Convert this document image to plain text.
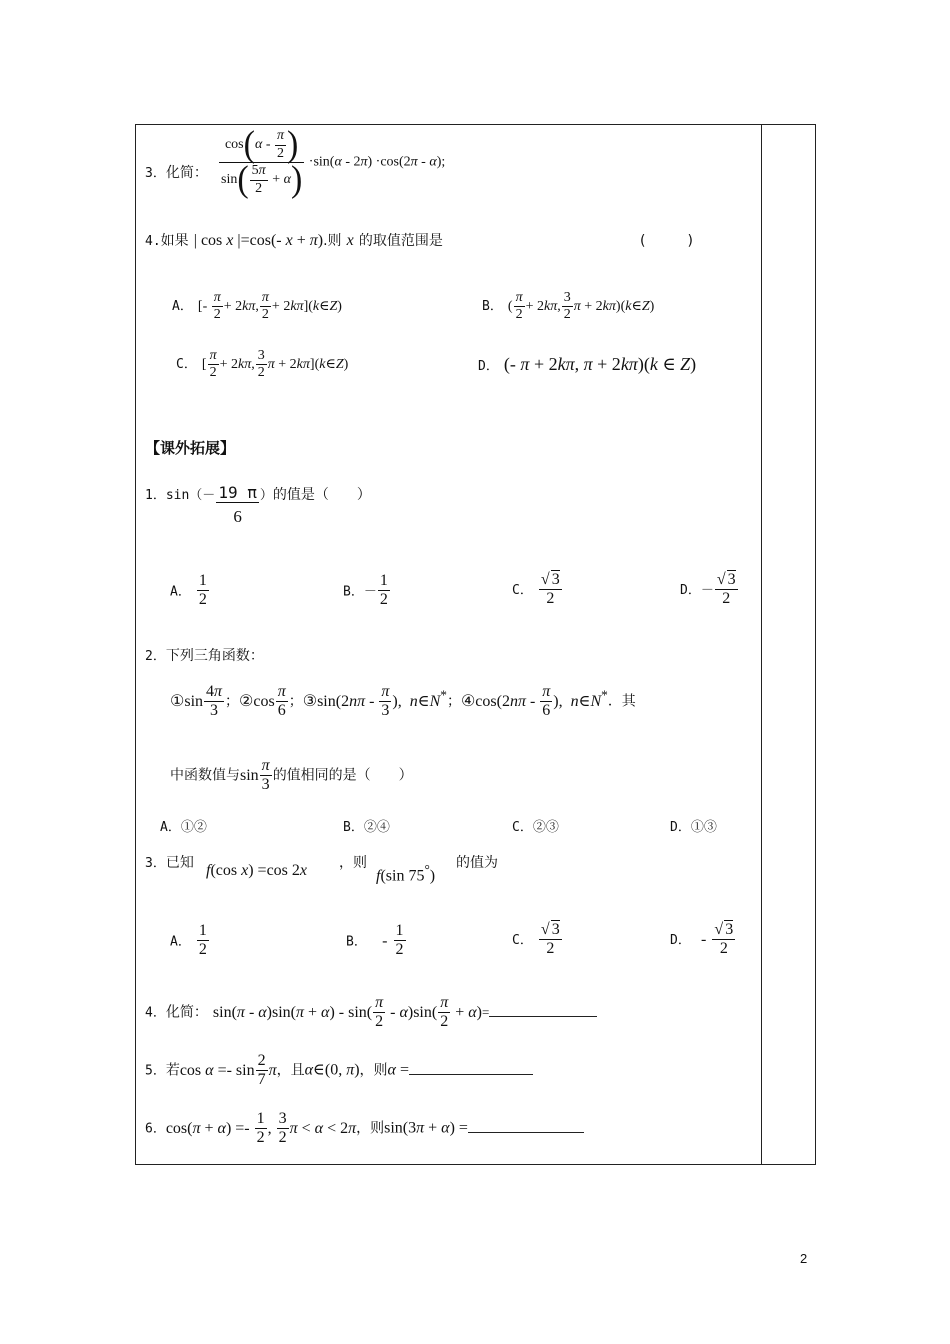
3．化简： $\frac{\cos(\alpha - \frac{\pi}{2} )}{\sin( \frac{5\pi}{2} + \alpha)} \cdot\sin(\alpha - 2\pi) \cdot\cos(2\pi - \alpha)$;
4.如果 | cos x |=cos(- x + π).则 x 的取值范围是	(　　　)
A． [- $\frac{\pi}{2} + 2k\pi$, $\frac{\pi}{2}$ + 2kπ](k∈Z)	B． ( $\frac{\pi}{2} + 2k\pi$, $\frac{3}{2}$ π + 2kπ)(k∈Z)
C． [ $\frac{\pi}{2} + 2k\pi$, $\frac{3}{2}$ π + 2kπ](k∈Z)	D． (- π + 2kπ, π + 2kπ)(k ∈ Z)
【课外拓展】
1．$\sin(- \frac{19 \pi}{6}$ ）的值是（　　）
A． $\frac{1}{2}$	B．－ $\frac{1}{2}$	C． $\frac{√ 3}{2}$	D．－ $\frac{√ 3}{2}$
2．下列三角函数：
①sin $\frac{4\pi}{3}$ ；②cos $\frac{\pi}{6}$ ；③sin(2nπ - $\frac{\pi}{3}$ ),  n∈N*；④cos(2nπ - $\frac{\pi}{6}$ ),  n∈N*．其
中函数值与$\sin \frac{\pi}{3}$ 的值相同的是（　　）
A．①②	B．②④	C．②③	D．①③
3．已知 f(cos x) =cos 2x ，则
f(sin 75°)
的值为
A． $\frac{1}{2}$	B． - $\frac{1}{2}$	C． $\frac{√ 3}{2}$	D． - $\frac{√ 3}{2}$
4．化简： $\sin(\pi - \alpha)\sin(\pi + \alpha) - \sin( \frac{\pi}{2} - \alpha)\sin( \frac{\pi}{2} + \alpha)=$
5．若$\cos \alpha =- \sin \frac{2}{7}$ π，且α∈(0, π)，则α =
6．$\cos(\pi + \alpha) =- \frac{1}{2}$ , $\frac{3}{2}$ π < α < 2π，则sin(3π + α) =
2
